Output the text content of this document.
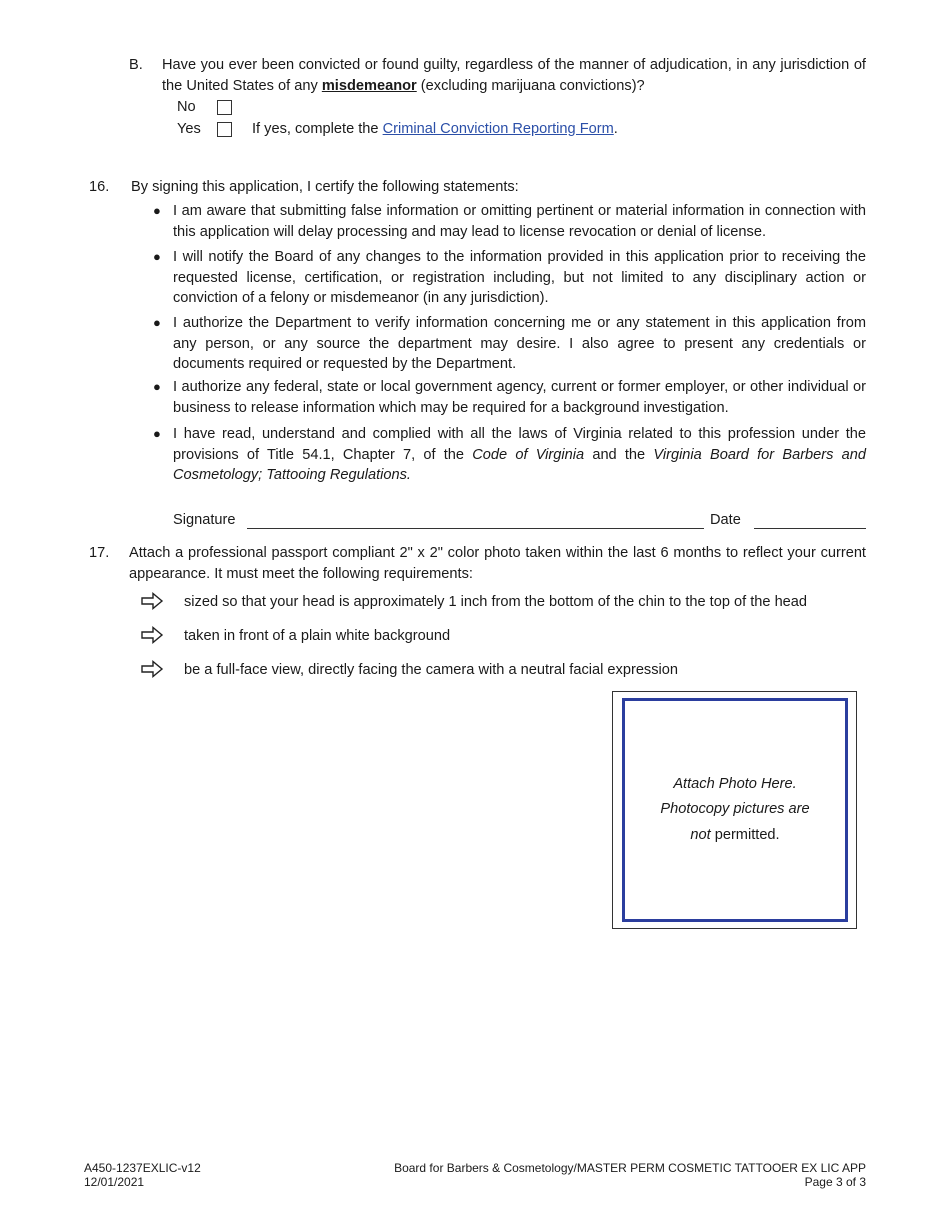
B. Have you ever been convicted or found guilty, regardless of the manner of adjudication, in any jurisdiction of the United States of any misdemeanor (excluding marijuana convictions)?
No
Yes	If yes, complete the Criminal Conviction Reporting Form.
16. By signing this application, I certify the following statements:
● I am aware that submitting false information or omitting pertinent or material information in connection with this application will delay processing and may lead to license revocation or denial of license.
● I will notify the Board of any changes to the information provided in this application prior to receiving the requested license, certification, or registration including, but not limited to any disciplinary action or conviction of a felony or misdemeanor (in any jurisdiction).
● I authorize the Department to verify information concerning me or any statement in this application from any person, or any source the department may desire. I also agree to present any credentials or documents required or requested by the Department.
● I authorize any federal, state or local government agency, current or former employer, or other individual or business to release information which may be required for a background investigation.
● I have read, understand and complied with all the laws of Virginia related to this profession under the provisions of Title 54.1, Chapter 7, of the Code of Virginia and the Virginia Board for Barbers and Cosmetology; Tattooing Regulations.
Signature	Date
17. Attach a professional passport compliant 2" x 2" color photo taken within the last 6 months to reflect your current appearance. It must meet the following requirements:
sized so that your head is approximately 1 inch from the bottom of the chin to the top of the head
taken in front of a plain white background
be a full-face view, directly facing the camera with a neutral facial expression
Attach Photo Here.
Photocopy pictures are
not permitted.
A450-1237EXLIC-v12
12/01/2021
Board for Barbers & Cosmetology/MASTER PERM COSMETIC TATTOOER EX LIC APP
Page 3 of 3
